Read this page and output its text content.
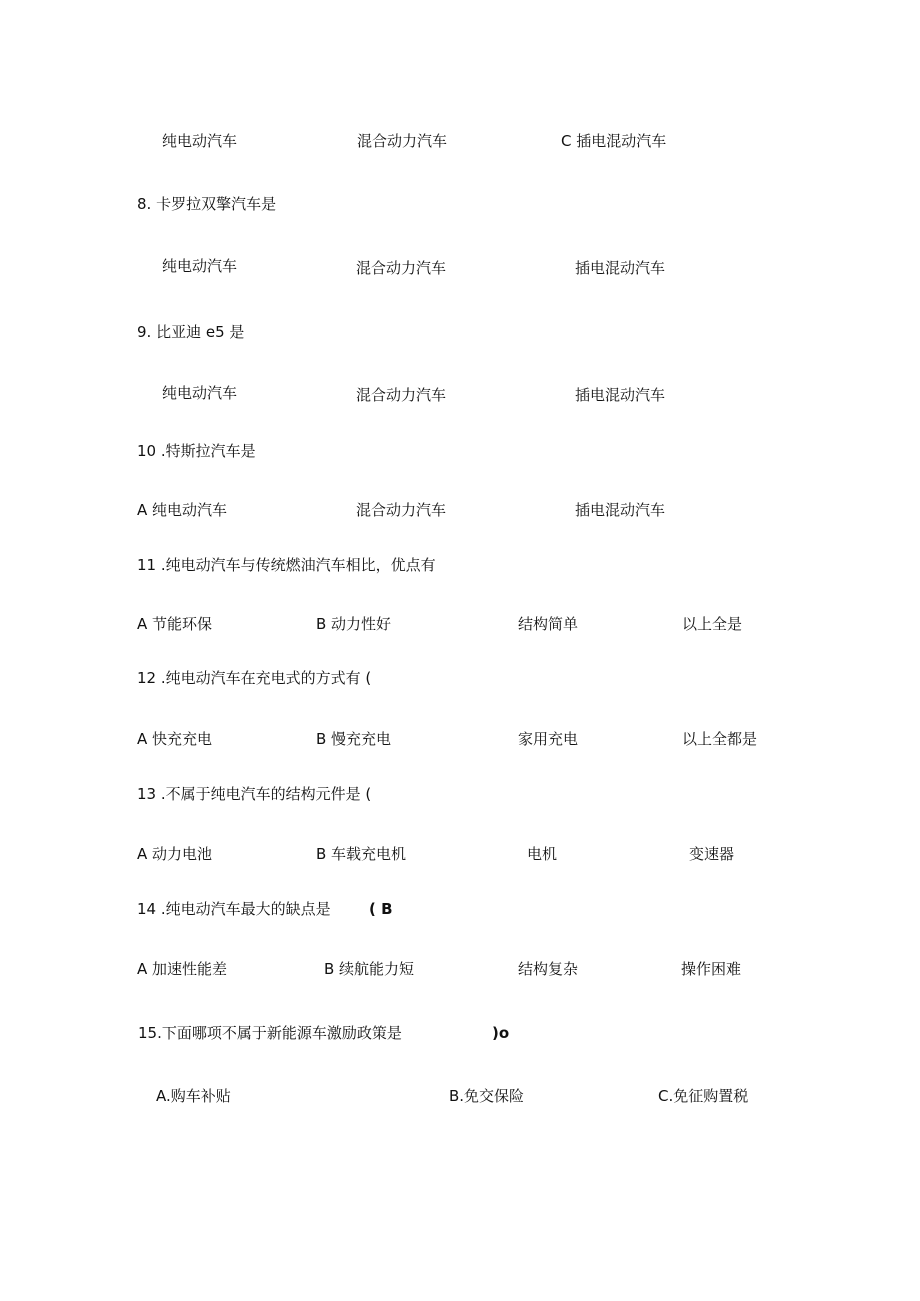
纯电动汽车	混合动力汽车	C 插电混动汽车
8. 卡罗拉双擎汽车是
纯电动汽车	混合动力汽车	插电混动汽车
9. 比亚迪 e5 是
纯电动汽车	混合动力汽车	插电混动汽车
10 .特斯拉汽车是
A 纯电动汽车	混合动力汽车	插电混动汽车
11 .纯电动汽车与传统燃油汽车相比，优点有
A 节能环保	B 动力性好	结构简单	以上全是
12 .纯电动汽车在充电式的方式有 (
A 快充充电	B 慢充充电	家用充电	以上全都是
13 .不属于纯电汽车的结构元件是 (
A 动力电池	B 车载充电机	电机	变速器
14 .纯电动汽车最大的缺点是	( B
A 加速性能差	B 续航能力短	结构复杂	操作困难
15.下面哪项不属于新能源车激励政策是	)o
A.购车补贴	B.免交保险	C.免征购置税
